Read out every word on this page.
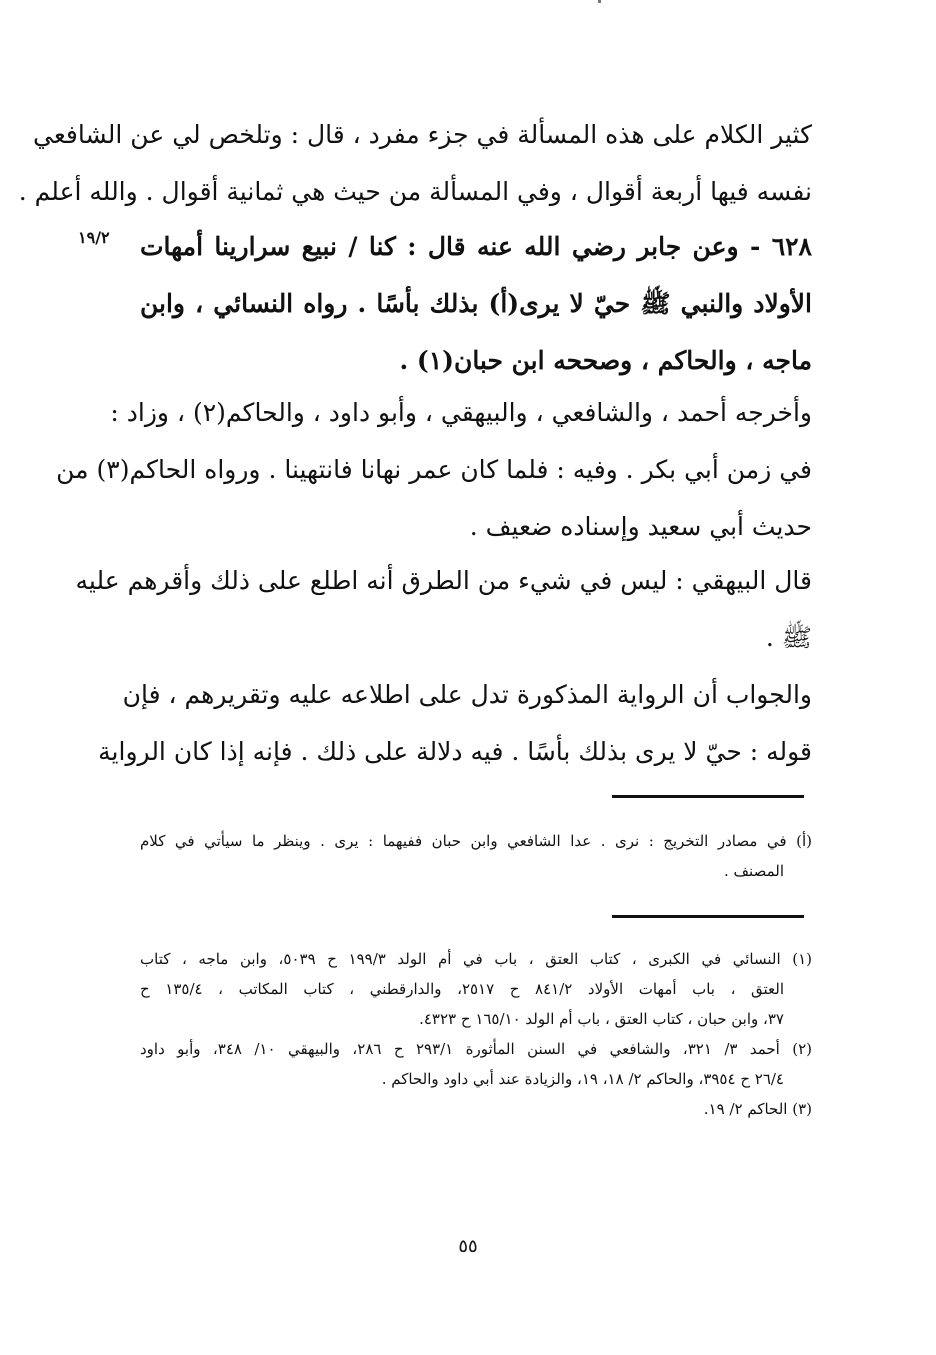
كثير الكلام على هذه المسألة في جزء مفرد ، قال : وتلخص لي عن الشافعي
نفسه فيها أربعة أقوال ، وفي المسألة من حيث هي ثمانية أقوال . والله أعلم .
١٩/٢ ٦٢٨ - وعن جابر رضي الله عنه قال : كنا / نبيع سرارينا أمهات
الأولاد والنبي ﷺ حيّ لا يرى(أ) بذلك بأسًا . رواه النسائي ، وابن
ماجه ، والحاكم ، وصححه ابن حبان(١) .
وأخرجه أحمد ، والشافعي ، والبيهقي ، وأبو داود ، والحاكم(٢) ، وزاد :
في زمن أبي بكر . وفيه : فلما كان عمر نهانا فانتهينا . ورواه الحاكم(٣) من
حديث أبي سعيد وإسناده ضعيف .
قال البيهقي : ليس في شيء من الطرق أنه اطلع على ذلك وأقرهم عليه
ﷺ .
والجواب أن الرواية المذكورة تدل على اطلاعه عليه وتقريرهم ، فإن
قوله : حيّ لا يرى بذلك بأسًا . فيه دلالة على ذلك . فإنه إذا كان الرواية
(أ) في مصادر التخريج : نرى . عدا الشافعي وابن حبان ففيهما : يرى . وينظر ما سيأتي في كلام
المصنف .
(١) النسائي في الكبرى ، كتاب العتق ، باب في أم الولد ١٩٩/٣ ح ٥٠٣٩، وابن ماجه ، كتاب
العتق ، باب أمهات الأولاد ٨٤١/٢ ح ٢٥١٧، والدارقطني ، كتاب المكاتب ، ١٣٥/٤ ح
٣٧، وابن حبان ، كتاب العتق ، باب أم الولد ١٦٥/١٠ ح ٤٣٢٣.
(٢) أحمد ٣/ ٣٢١، والشافعي في السنن المأثورة ٢٩٣/١ ح ٢٨٦، والبيهقي ١٠/ ٣٤٨، وأبو داود
٢٦/٤ ح ٣٩٥٤، والحاكم ٢/ ١٨، ١٩، والزيادة عند أبي داود والحاكم .
(٣) الحاكم ٢/ ١٩.
٥٥
